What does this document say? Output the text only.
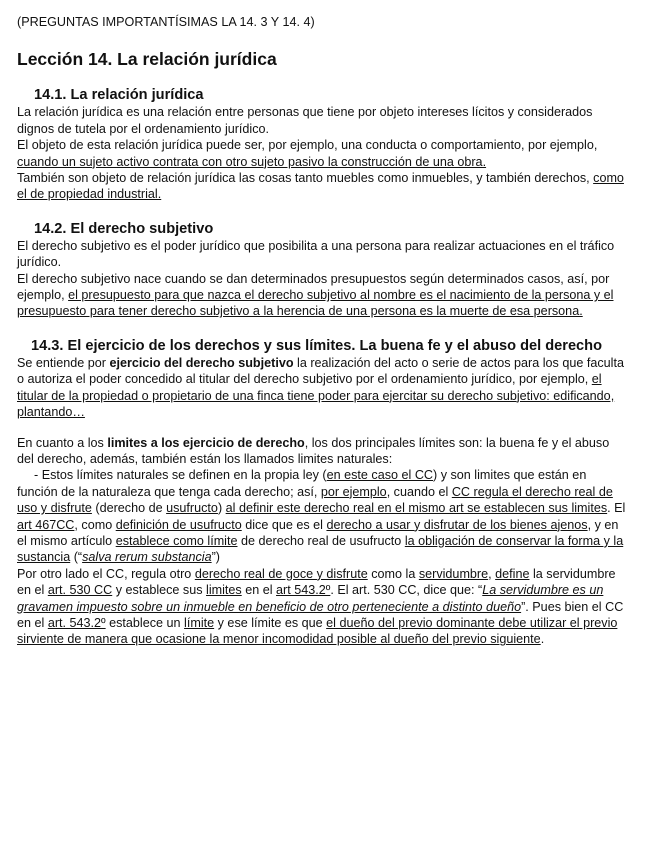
(PREGUNTAS IMPORTANTÍSIMAS LA 14. 3 Y 14. 4)

Lección 14. La relación jurídica
14.1. La relación jurídica

La relación jurídica es una relación entre personas que tiene por objeto intereses lícitos y considerados dignos de tutela por el ordenamiento jurídico.

El objeto de esta relación jurídica puede ser, por ejemplo, una conducta o comportamiento, por ejemplo, cuando un sujeto activo contrata con otro sujeto pasivo la construcción de una obra.

También son objeto de relación jurídica las cosas tanto muebles como inmuebles, y también derechos, como el de propiedad industrial.

14.2. El derecho subjetivo

El derecho subjetivo es el poder jurídico que posibilita a una persona para realizar actuaciones en el tráfico jurídico.

El derecho subjetivo nace cuando se dan determinados presupuestos según determinados casos, así, por ejemplo, el presupuesto para que nazca el derecho subjetivo al nombre es el nacimiento de la persona y el presupuesto para tener derecho subjetivo a la herencia de una persona es la muerte de esa persona.

14.3. El ejercicio de los derechos y sus límites. La buena fe y el abuso del derecho

Se entiende por ejercicio del derecho subjetivo la realización del acto o serie de actos para los que faculta o autoriza el poder concedido al titular del derecho subjetivo por el ordenamiento jurídico, por ejemplo, el titular de la propiedad o propietario de una finca tiene poder para ejercitar su derecho subjetivo: edificando, plantando…

En cuanto a los limites a los ejercicio de derecho, los dos principales límites son: la buena fe y el abuso del derecho, además, también están los llamados limites naturales:

- Estos límites naturales se definen en la propia ley (en este caso el CC) y son limites que están en función de la naturaleza que tenga cada derecho; así, por ejemplo, cuando el CC regula el derecho real de uso y disfrute (derecho de usufructo) al definir este derecho real en el mismo art se establecen sus limites. El art 467CC, como definición de usufructo dice que es el derecho a usar y disfrutar de los bienes ajenos, y en el mismo artículo establece como límite de derecho real de usufructo la obligación de conservar la forma y la sustancia (“salva rerum substancia”)

Por otro lado el CC, regula otro derecho real de goce y disfrute como la servidumbre, define la servidumbre en el art. 530 CC y establece sus limites en el art 543.2º. El art. 530 CC, dice que: “La servidumbre es un gravamen impuesto sobre un inmueble en beneficio de otro perteneciente a distinto dueño”. Pues bien el CC en el art. 543.2º establece un límite y ese límite es que el dueño del previo dominante debe utilizar el previo sirviente de manera que ocasione la menor incomodidad posible al dueño del previo siguiente.
